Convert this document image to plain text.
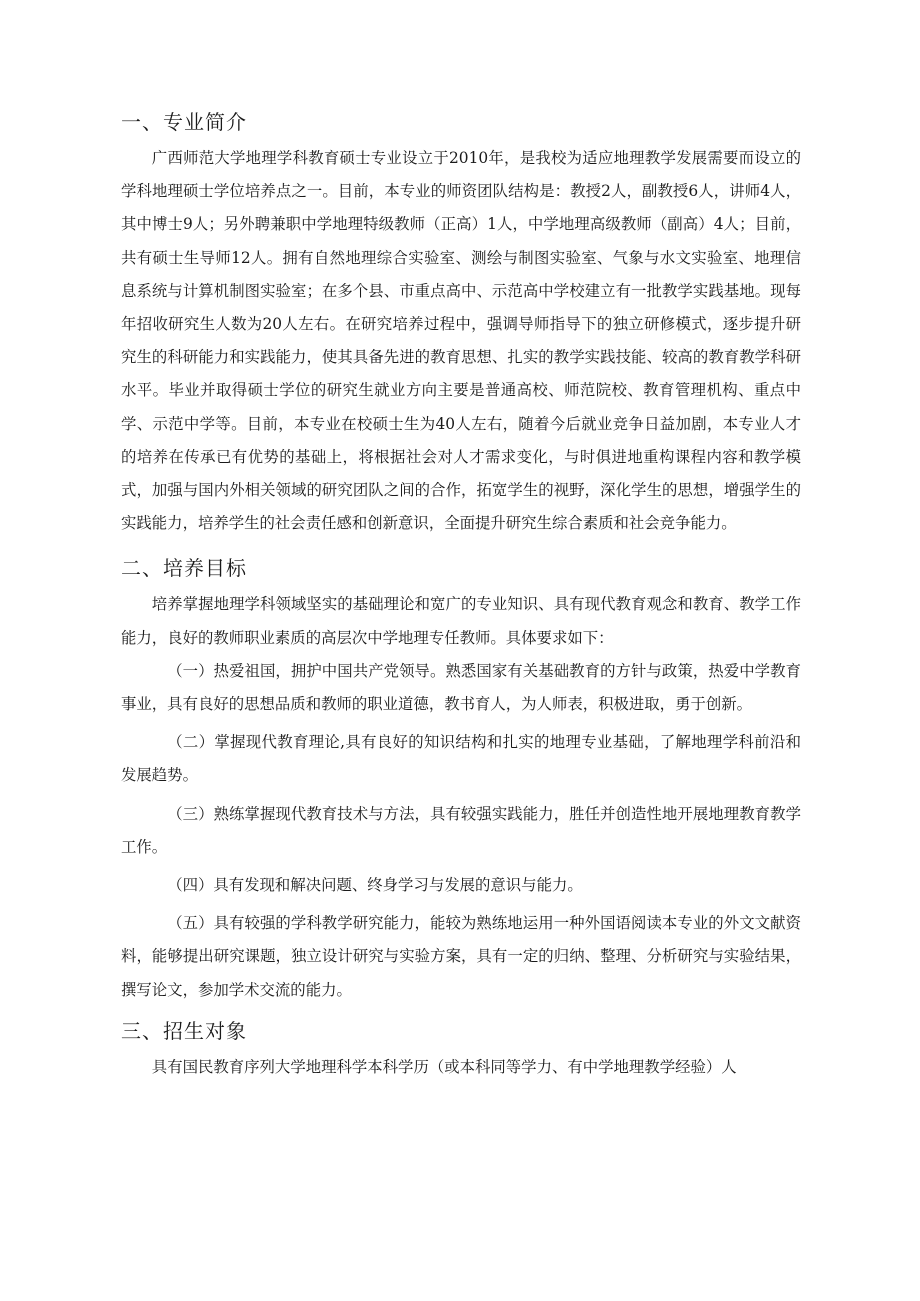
一、专业简介

广西师范大学地理学科教育硕士专业设立于2010年，是我校为适应地理教学发展需要而设立的学科地理硕士学位培养点之一。目前，本专业的师资团队结构是：教授2人，副教授6人，讲师4人，其中博士9人；另外聘兼职中学地理特级教师（正高）1人，中学地理高级教师（副高）4人；目前，共有硕士生导师12人。拥有自然地理综合实验室、测绘与制图实验室、气象与水文实验室、地理信息系统与计算机制图实验室；在多个县、市重点高中、示范高中学校建立有一批教学实践基地。现每年招收研究生人数为20人左右。在研究培养过程中，强调导师指导下的独立研修模式，逐步提升研究生的科研能力和实践能力，使其具备先进的教育思想、扎实的教学实践技能、较高的教育教学科研水平。毕业并取得硕士学位的研究生就业方向主要是普通高校、师范院校、教育管理机构、重点中学、示范中学等。目前，本专业在校硕士生为40人左右，随着今后就业竞争日益加剧，本专业人才的培养在传承已有优势的基础上，将根据社会对人才需求变化，与时俱进地重构课程内容和教学模式，加强与国内外相关领域的研究团队之间的合作，拓宽学生的视野，深化学生的思想，增强学生的实践能力，培养学生的社会责任感和创新意识，全面提升研究生综合素质和社会竞争能力。

二、培养目标

培养掌握地理学科领域坚实的基础理论和宽广的专业知识、具有现代教育观念和教育、教学工作能力，良好的教师职业素质的高层次中学地理专任教师。具体要求如下：

（一）热爱祖国，拥护中国共产党领导。熟悉国家有关基础教育的方针与政策，热爱中学教育事业，具有良好的思想品质和教师的职业道德，教书育人，为人师表，积极进取，勇于创新。

（二）掌握现代教育理论,具有良好的知识结构和扎实的地理专业基础，了解地理学科前沿和发展趋势。

（三）熟练掌握现代教育技术与方法，具有较强实践能力，胜任并创造性地开展地理教育教学工作。

（四）具有发现和解决问题、终身学习与发展的意识与能力。

（五）具有较强的学科教学研究能力，能较为熟练地运用一种外国语阅读本专业的外文文献资料，能够提出研究课题，独立设计研究与实验方案，具有一定的归纳、整理、分析研究与实验结果，撰写论文，参加学术交流的能力。

三、招生对象

具有国民教育序列大学地理科学本科学历（或本科同等学力、有中学地理教学经验）人
